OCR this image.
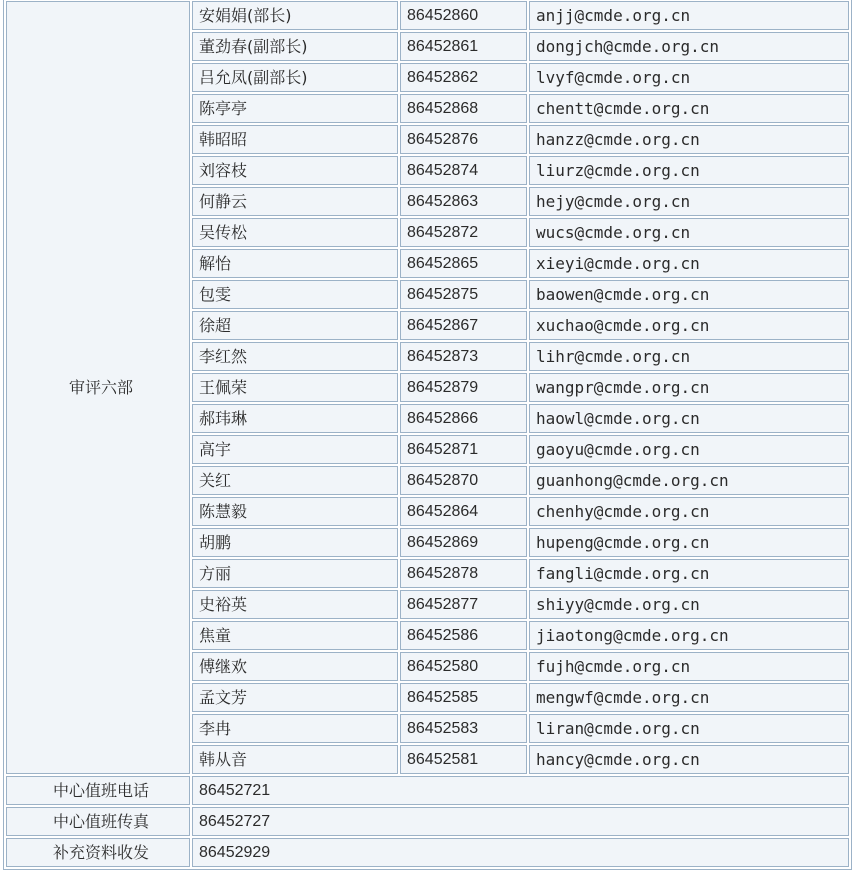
审评六部	安娟娟(部长)	86452860	anjj@cmde.org.cn
	董劲春(副部长)	86452861	dongjch@cmde.org.cn
	吕允凤(副部长)	86452862	lvyf@cmde.org.cn
	陈亭亭	86452868	chentt@cmde.org.cn
	韩昭昭	86452876	hanzz@cmde.org.cn
	刘容枝	86452874	liurz@cmde.org.cn
	何静云	86452863	hejy@cmde.org.cn
	吴传松	86452872	wucs@cmde.org.cn
	解怡	86452865	xieyi@cmde.org.cn
	包雯	86452875	baowen@cmde.org.cn
	徐超	86452867	xuchao@cmde.org.cn
	李红然	86452873	lihr@cmde.org.cn
	王佩荣	86452879	wangpr@cmde.org.cn
	郝玮琳	86452866	haowl@cmde.org.cn
	高宇	86452871	gaoyu@cmde.org.cn
	关红	86452870	guanhong@cmde.org.cn
	陈慧毅	86452864	chenhy@cmde.org.cn
	胡鹏	86452869	hupeng@cmde.org.cn
	方丽	86452878	fangli@cmde.org.cn
	史裕英	86452877	shiyy@cmde.org.cn
	焦童	86452586	jiaotong@cmde.org.cn
	傅继欢	86452580	fujh@cmde.org.cn
	孟文芳	86452585	mengwf@cmde.org.cn
	李冉	86452583	liran@cmde.org.cn
	韩从音	86452581	hancy@cmde.org.cn
中心值班电话	86452721		
中心值班传真	86452727		
补充资料收发	86452929		
